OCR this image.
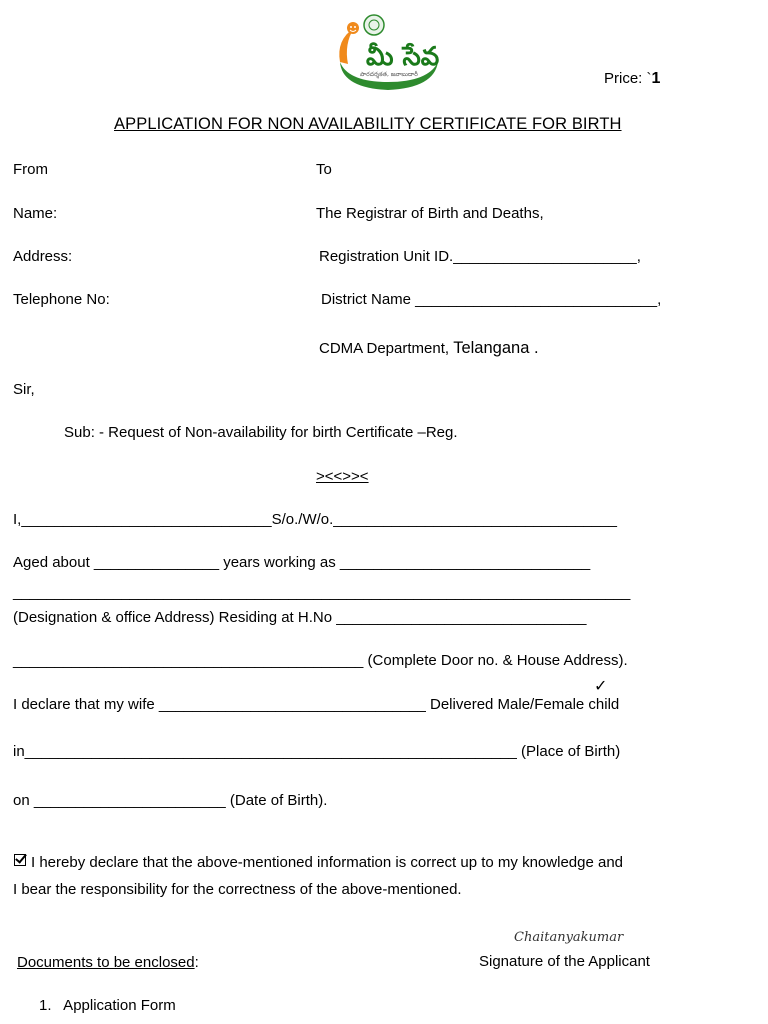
మీ సేవ
పారదర్శకత, జవాబుదారీ	Price: `1
APPLICATION FOR NON AVAILABILITY CERTIFICATE FOR BIRTH
From
Name:
Address:
Telephone No:
To
The Registrar of Birth and Deaths,
Registration Unit ID.______________________,
District Name _____________________________,
CDMA Department, Telangana .
Sir,
Sub: - Request of Non-availability for birth Certificate –Reg.
><<>><
I,______________________________S/o./W/o.__________________________________
Aged about _______________ years working as ______________________________
__________________________________________________________________________
(Designation & office Address) Residing at H.No ______________________________
__________________________________________ (Complete Door no. & House Address).
✓
I declare that my wife ________________________________ Delivered Male/Female child
in___________________________________________________________ (Place of Birth)
on _______________________ (Date of Birth).
I hereby declare that the above-mentioned information is correct up to my knowledge and
I bear the responsibility for the correctness of the above-mentioned.
Chaitanyakumar
Signature of the Applicant
Documents to be enclosed:
1.   Application Form
